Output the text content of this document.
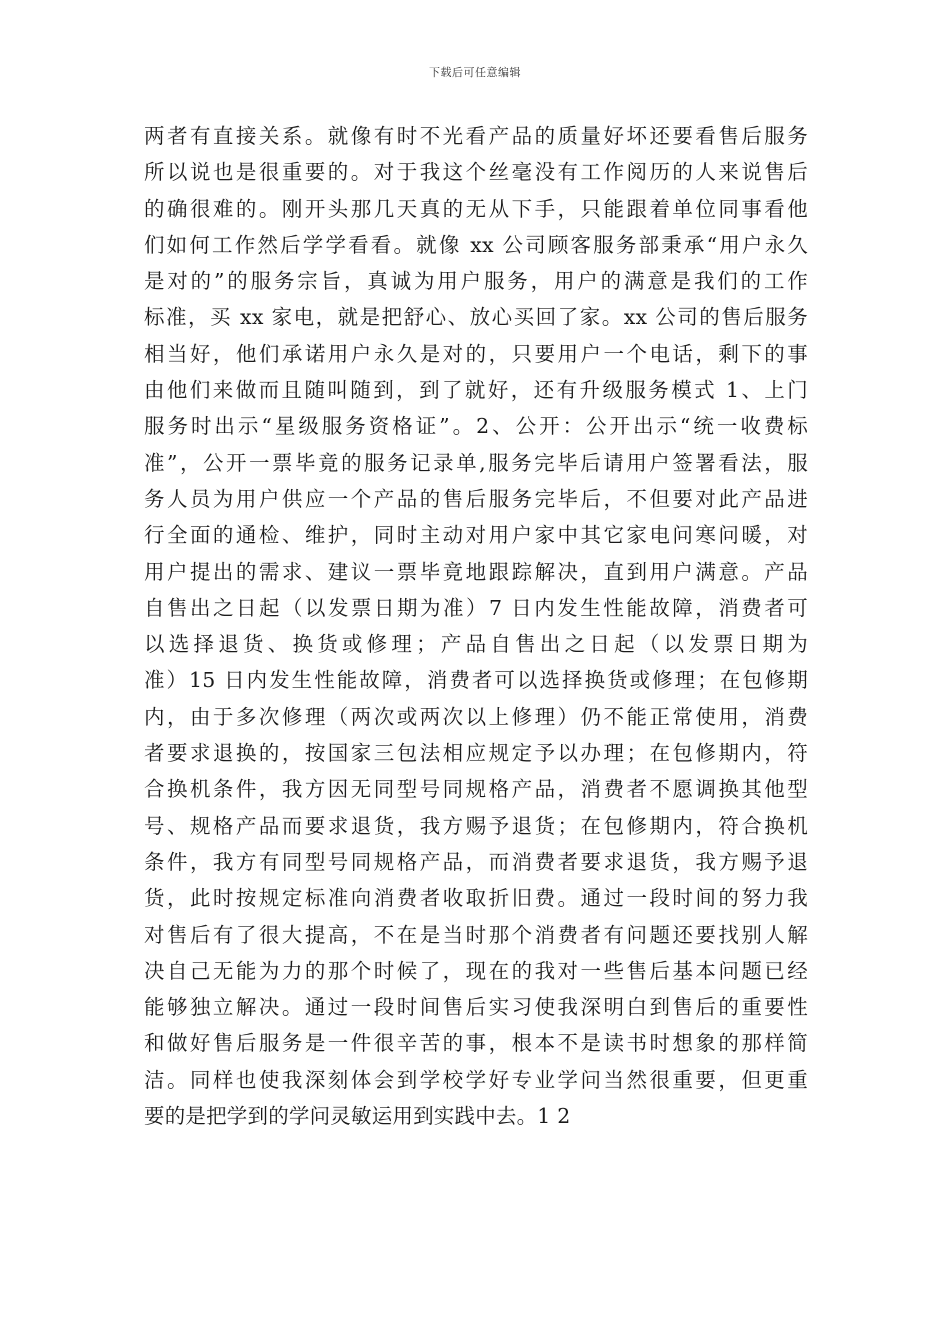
下载后可任意编辑
两者有直接关系。就像有时不光看产品的质量好坏还要看售后服务
所以说也是很重要的。对于我这个丝毫没有工作阅历的人来说售后
的确很难的。刚开头那几天真的无从下手，只能跟着单位同事看他
们如何工作然后学学看看。就像 xx 公司顾客服务部秉承“用户永久
是对的”的服务宗旨，真诚为用户服务，用户的满意是我们的工作
标准，买 xx 家电，就是把舒心、放心买回了家。xx 公司的售后服务
相当好，他们承诺用户永久是对的，只要用户一个电话，剩下的事
由他们来做而且随叫随到，到了就好，还有升级服务模式 1、上门
服务时出示“星级服务资格证”。2、公开：公开出示“统一收费标
准”，公开一票毕竟的服务记录单,服务完毕后请用户签署看法，服
务人员为用户供应一个产品的售后服务完毕后，不但要对此产品进
行全面的通检、维护，同时主动对用户家中其它家电问寒问暖，对
用户提出的需求、建议一票毕竟地跟踪解决，直到用户满意。产品
自售出之日起（以发票日期为准）7 日内发生性能故障，消费者可
以选择退货、换货或修理；产品自售出之日起（以发票日期为
准）15 日内发生性能故障，消费者可以选择换货或修理；在包修期
内，由于多次修理（两次或两次以上修理）仍不能正常使用，消费
者要求退换的，按国家三包法相应规定予以办理；在包修期内，符
合换机条件，我方因无同型号同规格产品，消费者不愿调换其他型
号、规格产品而要求退货，我方赐予退货；在包修期内，符合换机
条件，我方有同型号同规格产品，而消费者要求退货，我方赐予退
货，此时按规定标准向消费者收取折旧费。通过一段时间的努力我
对售后有了很大提高，不在是当时那个消费者有问题还要找别人解
决自己无能为力的那个时候了，现在的我对一些售后基本问题已经
能够独立解决。通过一段时间售后实习使我深明白到售后的重要性
和做好售后服务是一件很辛苦的事，根本不是读书时想象的那样简
洁。同样也使我深刻体会到学校学好专业学问当然很重要，但更重
要的是把学到的学问灵敏运用到实践中去。1 2
